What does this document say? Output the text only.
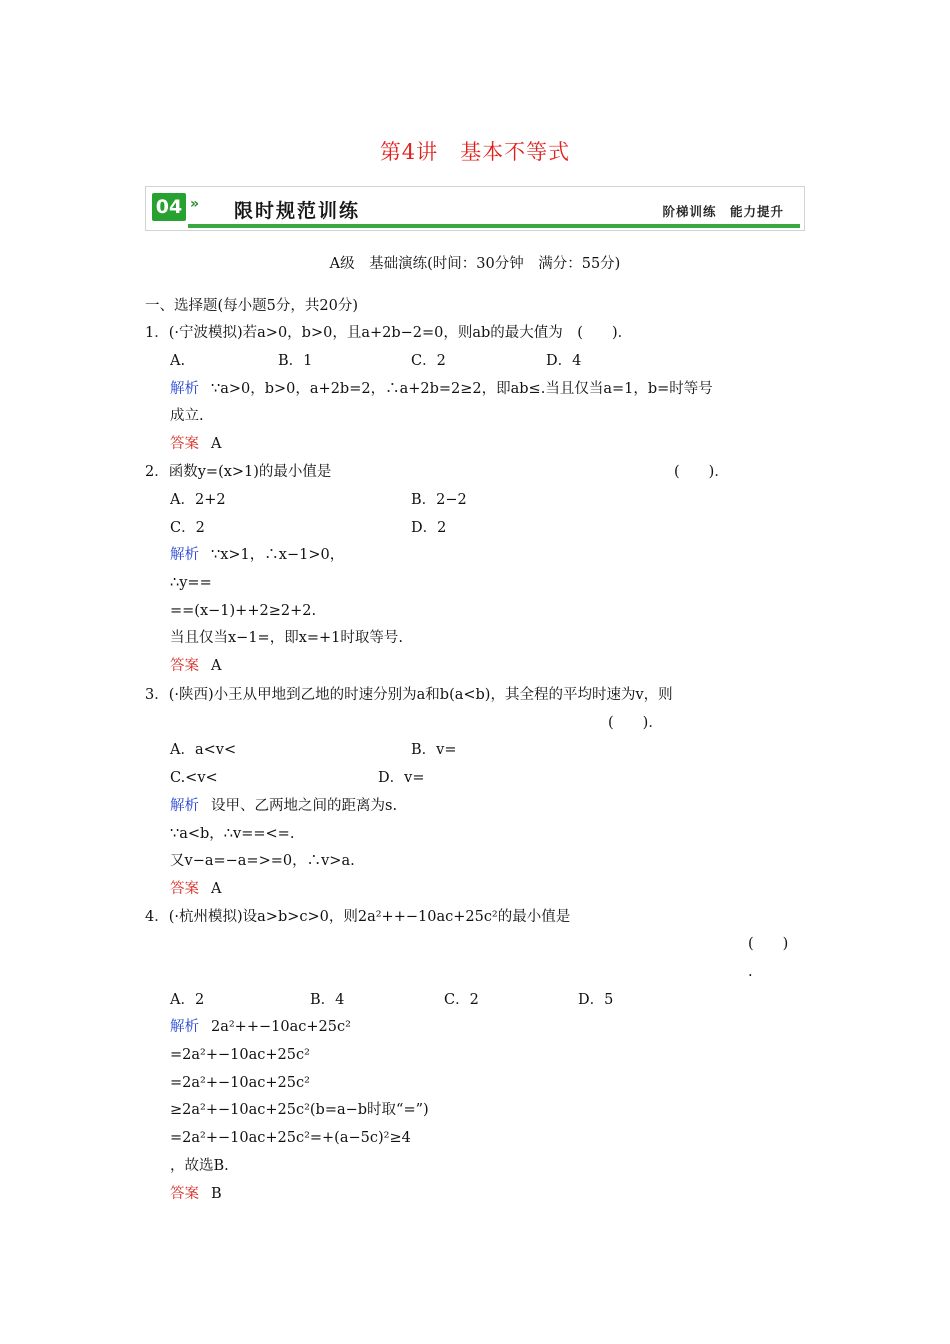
第4讲　基本不等式
04 » 限时规范训练	阶梯训练　能力提升
A级　基础演练(时间：30分钟　满分：55分)
一、选择题(每小题5分，共20分)
1．(·宁波模拟)若a>0，b>0，且a+2b−2=0，则ab的最大值为　(　　)．
A.	B．1	C．2	D．4
解析 ∵a>0，b>0，a+2b=2，∴a+2b=2≥2，即ab≤.当且仅当a=1，b=时等号
成立.
答案 A
2．函数y=(x>1)的最小值是	(　　)．
A．2+2	B．2−2
C．2	D．2
解析 ∵x>1，∴x−1>0，
∴y==
==(x−1)++2≥2+2.
当且仅当x−1=，即x=+1时取等号.
答案 A
3．(·陕西)小王从甲地到乙地的时速分别为a和b(a<b)，其全程的平均时速为v，则
(　　)．
A．a<v<	B．v=
C.<v<	D．v=
解析 设甲、乙两地之间的距离为s.
∵a<b，∴v==<=.
又v−a=−a=>=0，∴v>a.
答案 A
4．(·杭州模拟)设a>b>c>0，则2a²++−10ac+25c²的最小值是
(　　)
.
A．2	B．4	C．2	D．5
解析 2a²++−10ac+25c²
=2a²+−10ac+25c²
=2a²+−10ac+25c²
≥2a²+−10ac+25c²(b=a−b时取“=”)
=2a²+−10ac+25c²=+(a−5c)²≥4
，故选B.
答案 B
